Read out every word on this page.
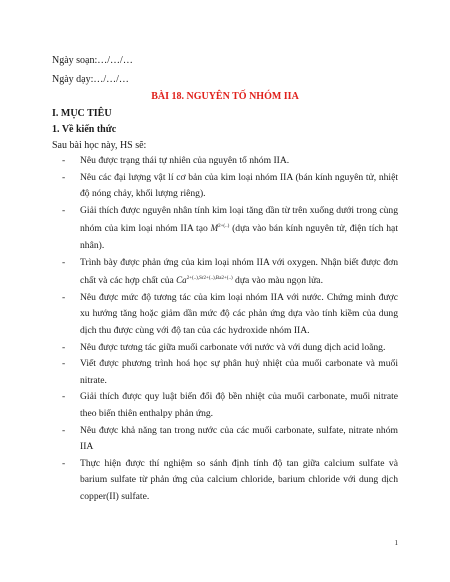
Ngày soạn:…/…/…
Ngày dạy:…/…/…
BÀI 18. NGUYÊN TỐ NHÓM IIA
I. MỤC TIÊU
1. Về kiến thức
Sau bài học này, HS sẽ:
- Nêu được trạng thái tự nhiên của nguyên tố nhóm IIA.
- Nêu các đại lượng vật lí cơ bản của kim loại nhóm IIA (bán kính nguyên tử, nhiệt độ nóng chảy, khối lượng riêng).
- Giải thích được nguyên nhân tính kim loại tăng dần từ trên xuống dưới trong cùng nhóm của kim loại nhóm IIA tạo $M^{2+(..)}$ (dựa vào bán kính nguyên tử, điện tích hạt nhân).
- Trình bày được phản ứng của kim loại nhóm IIA với oxygen. Nhận biết được đơn chất và các hợp chất của $Ca^{2+(..),Sr2+(..),Ba2+(..)}$ dựa vào màu ngọn lửa.
- Nêu được mức độ tương tác của kim loại nhóm IIA với nước. Chứng minh được xu hướng tăng hoặc giảm dần mức độ các phản ứng dựa vào tính kiềm của dung dịch thu được cùng với độ tan của các hydroxide nhóm IIA.
- Nêu được tương tác giữa muối carbonate với nước và với dung dịch acid loãng.
- Viết được phương trình hoá học sự phân huỷ nhiệt của muối carbonate và muối nitrate.
- Giải thích được quy luật biến đổi độ bền nhiệt của muối carbonate, muối nitrate theo biến thiên enthalpy phản ứng.
- Nêu được khả năng tan trong nước của các muối carbonate, sulfate, nitrate nhóm IIA
- Thực hiện được thí nghiệm so sánh định tính độ tan giữa calcium sulfate và barium sulfate từ phản ứng của calcium chloride, barium chloride với dung dịch copper(II) sulfate.
1
